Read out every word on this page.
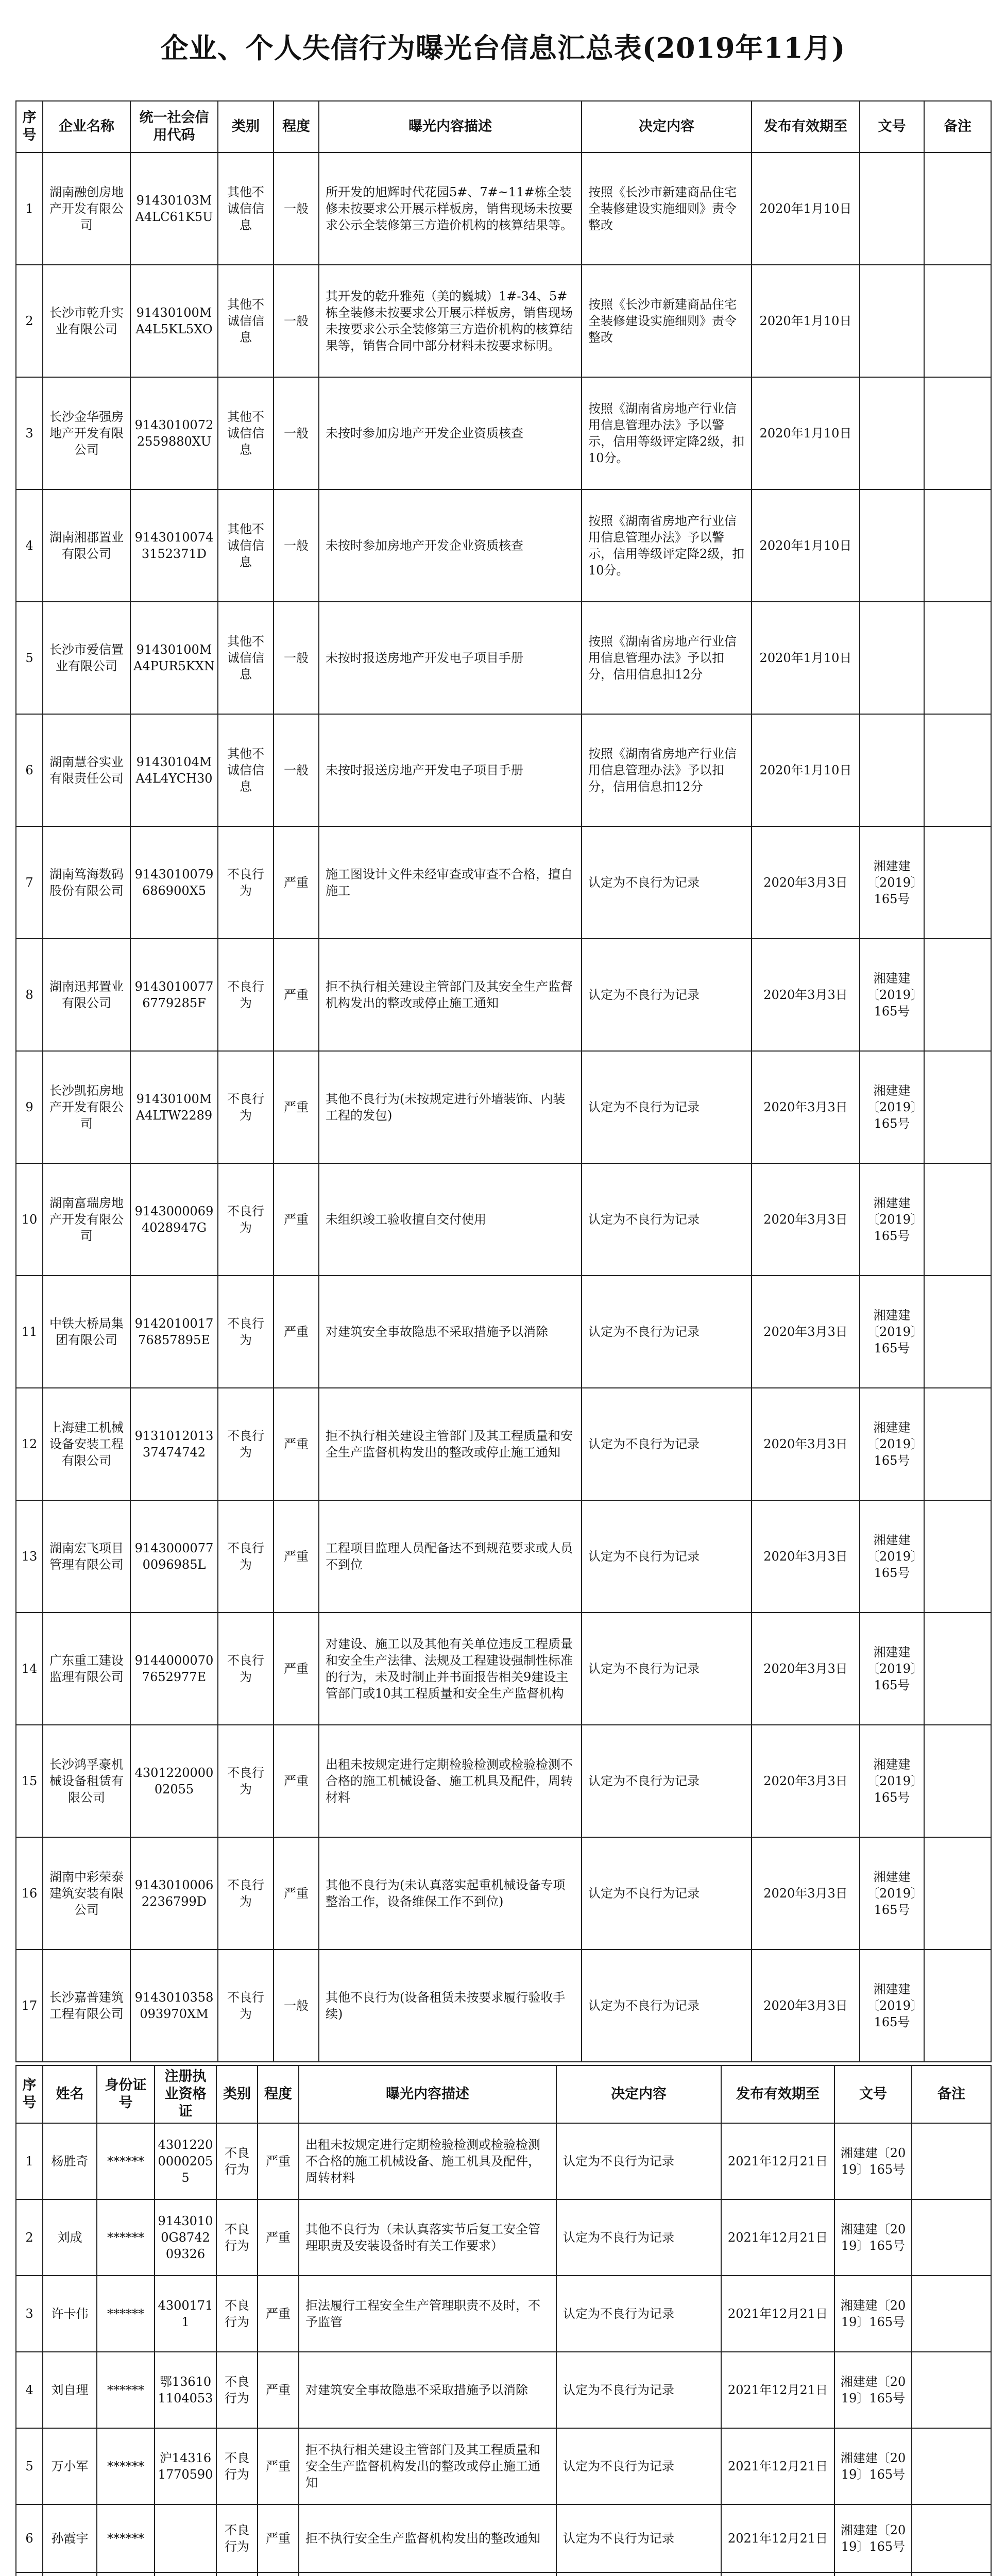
企业、个人失信行为曝光台信息汇总表(2019年11月)
序号	企业名称	统一社会信用代码	类别	程度	曝光内容描述	决定内容	发布有效期至	文号	备注
1	湖南融创房地产开发有限公司	91430103MA4LC61K5U	其他不诚信信息	一般	所开发的旭辉时代花园5#、7#~11#栋全装修未按要求公开展示样板房，销售现场未按要求公示全装修第三方造价机构的核算结果等。	按照《长沙市新建商品住宅全装修建设实施细则》责令整改	2020年1月10日		
2	长沙市乾升实业有限公司	91430100MA4L5KL5XO	其他不诚信信息	一般	其开发的乾升雅苑（美的巍城）1#-34、5#栋全装修未按要求公开展示样板房，销售现场未按要求公示全装修第三方造价机构的核算结果等，销售合同中部分材料未按要求标明。	按照《长沙市新建商品住宅全装修建设实施细则》责令整改	2020年1月10日		
3	长沙金华强房地产开发有限公司	91430100722559880XU	其他不诚信信息	一般	未按时参加房地产开发企业资质核查	按照《湖南省房地产行业信用信息管理办法》予以警示，信用等级评定降2级，扣10分。	2020年1月10日		
4	湖南湘郡置业有限公司	91430100743152371D	其他不诚信信息	一般	未按时参加房地产开发企业资质核查	按照《湖南省房地产行业信用信息管理办法》予以警示，信用等级评定降2级，扣10分。	2020年1月10日		
5	长沙市爱信置业有限公司	91430100MA4PUR5KXN	其他不诚信信息	一般	未按时报送房地产开发电子项目手册	按照《湖南省房地产行业信用信息管理办法》予以扣分，信用信息扣12分	2020年1月10日		
6	湖南慧谷实业有限责任公司	91430104MA4L4YCH30	其他不诚信信息	一般	未按时报送房地产开发电子项目手册	按照《湖南省房地产行业信用信息管理办法》予以扣分，信用信息扣12分	2020年1月10日		
7	湖南笃海数码股份有限公司	9143010079686900X5	不良行为	严重	施工图设计文件未经审查或审查不合格，擅自施工	认定为不良行为记录	2020年3月3日	湘建建〔2019〕165号	
8	湖南迅邦置业有限公司	91430100776779285F	不良行为	严重	拒不执行相关建设主管部门及其安全生产监督机构发出的整改或停止施工通知	认定为不良行为记录	2020年3月3日	湘建建〔2019〕165号	
9	长沙凯拓房地产开发有限公司	91430100MA4LTW2289	不良行为	严重	其他不良行为(未按规定进行外墙装饰、内装工程的发包)	认定为不良行为记录	2020年3月3日	湘建建〔2019〕165号	
10	湖南富瑞房地产开发有限公司	91430000694028947G	不良行为	严重	未组织竣工验收擅自交付使用	认定为不良行为记录	2020年3月3日	湘建建〔2019〕165号	
11	中铁大桥局集团有限公司	914201001776857895E	不良行为	严重	对建筑安全事故隐患不采取措施予以消除	认定为不良行为记录	2020年3月3日	湘建建〔2019〕165号	
12	上海建工机械设备安装工程有限公司	913101201337474742	不良行为	严重	拒不执行相关建设主管部门及其工程质量和安全生产监督机构发出的整改或停止施工通知	认定为不良行为记录	2020年3月3日	湘建建〔2019〕165号	
13	湖南宏飞项目管理有限公司	91430000770096985L	不良行为	严重	工程项目监理人员配备达不到规范要求或人员不到位	认定为不良行为记录	2020年3月3日	湘建建〔2019〕165号	
14	广东重工建设监理有限公司	91440000707652977E	不良行为	严重	对建设、施工以及其他有关单位违反工程质量和安全生产法律、法规及工程建设强制性标准的行为，未及时制止并书面报告相关9建设主管部门或10其工程质量和安全生产监督机构	认定为不良行为记录	2020年3月3日	湘建建〔2019〕165号	
15	长沙鸿孚豪机械设备租赁有限公司	430122000002055	不良行为	严重	出租未按规定进行定期检验检测或检验检测不合格的施工机械设备、施工机具及配件，周转材料	认定为不良行为记录	2020年3月3日	湘建建〔2019〕165号	
16	湖南中彩荣泰建筑安装有限公司	91430100062236799D	不良行为	严重	其他不良行为(未认真落实起重机械设备专项整治工作，设备维保工作不到位)	认定为不良行为记录	2020年3月3日	湘建建〔2019〕165号	
17	长沙嘉普建筑工程有限公司	9143010358093970XM	不良行为	一般	其他不良行为(设备租赁未按要求履行验收手续)	认定为不良行为记录	2020年3月3日	湘建建〔2019〕165号	
序号	姓名	身份证号	注册执业资格证	类别	程度	曝光内容描述	决定内容	发布有效期至	文号	备注
1	杨胜奇	******	430122000002055	不良行为	严重	出租未按规定进行定期检验检测或检验检测不合格的施工机械设备、施工机具及配件，周转材料	认定为不良行为记录	2021年12月21日	湘建建〔2019〕165号	
2	刘成	******	91430100G874209326	不良行为	严重	其他不良行为（未认真落实节后复工安全管理职责及安装设备时有关工作要求）	认定为不良行为记录	2021年12月21日	湘建建〔2019〕165号	
3	许卡伟	******	43001711	不良行为	严重	拒法履行工程安全生产管理职责不及时，不予监管	认定为不良行为记录	2021年12月21日	湘建建〔2019〕165号	
4	刘自理	******	鄂136101104053	不良行为	严重	对建筑安全事故隐患不采取措施予以消除	认定为不良行为记录	2021年12月21日	湘建建〔2019〕165号	
5	万小军	******	沪143161770590	不良行为	严重	拒不执行相关建设主管部门及其工程质量和安全生产监督机构发出的整改或停止施工通知	认定为不良行为记录	2021年12月21日	湘建建〔2019〕165号	
6	孙霞宇	******		不良行为	严重	拒不执行安全生产监督机构发出的整改通知	认定为不良行为记录	2021年12月21日	湘建建〔2019〕165号	
